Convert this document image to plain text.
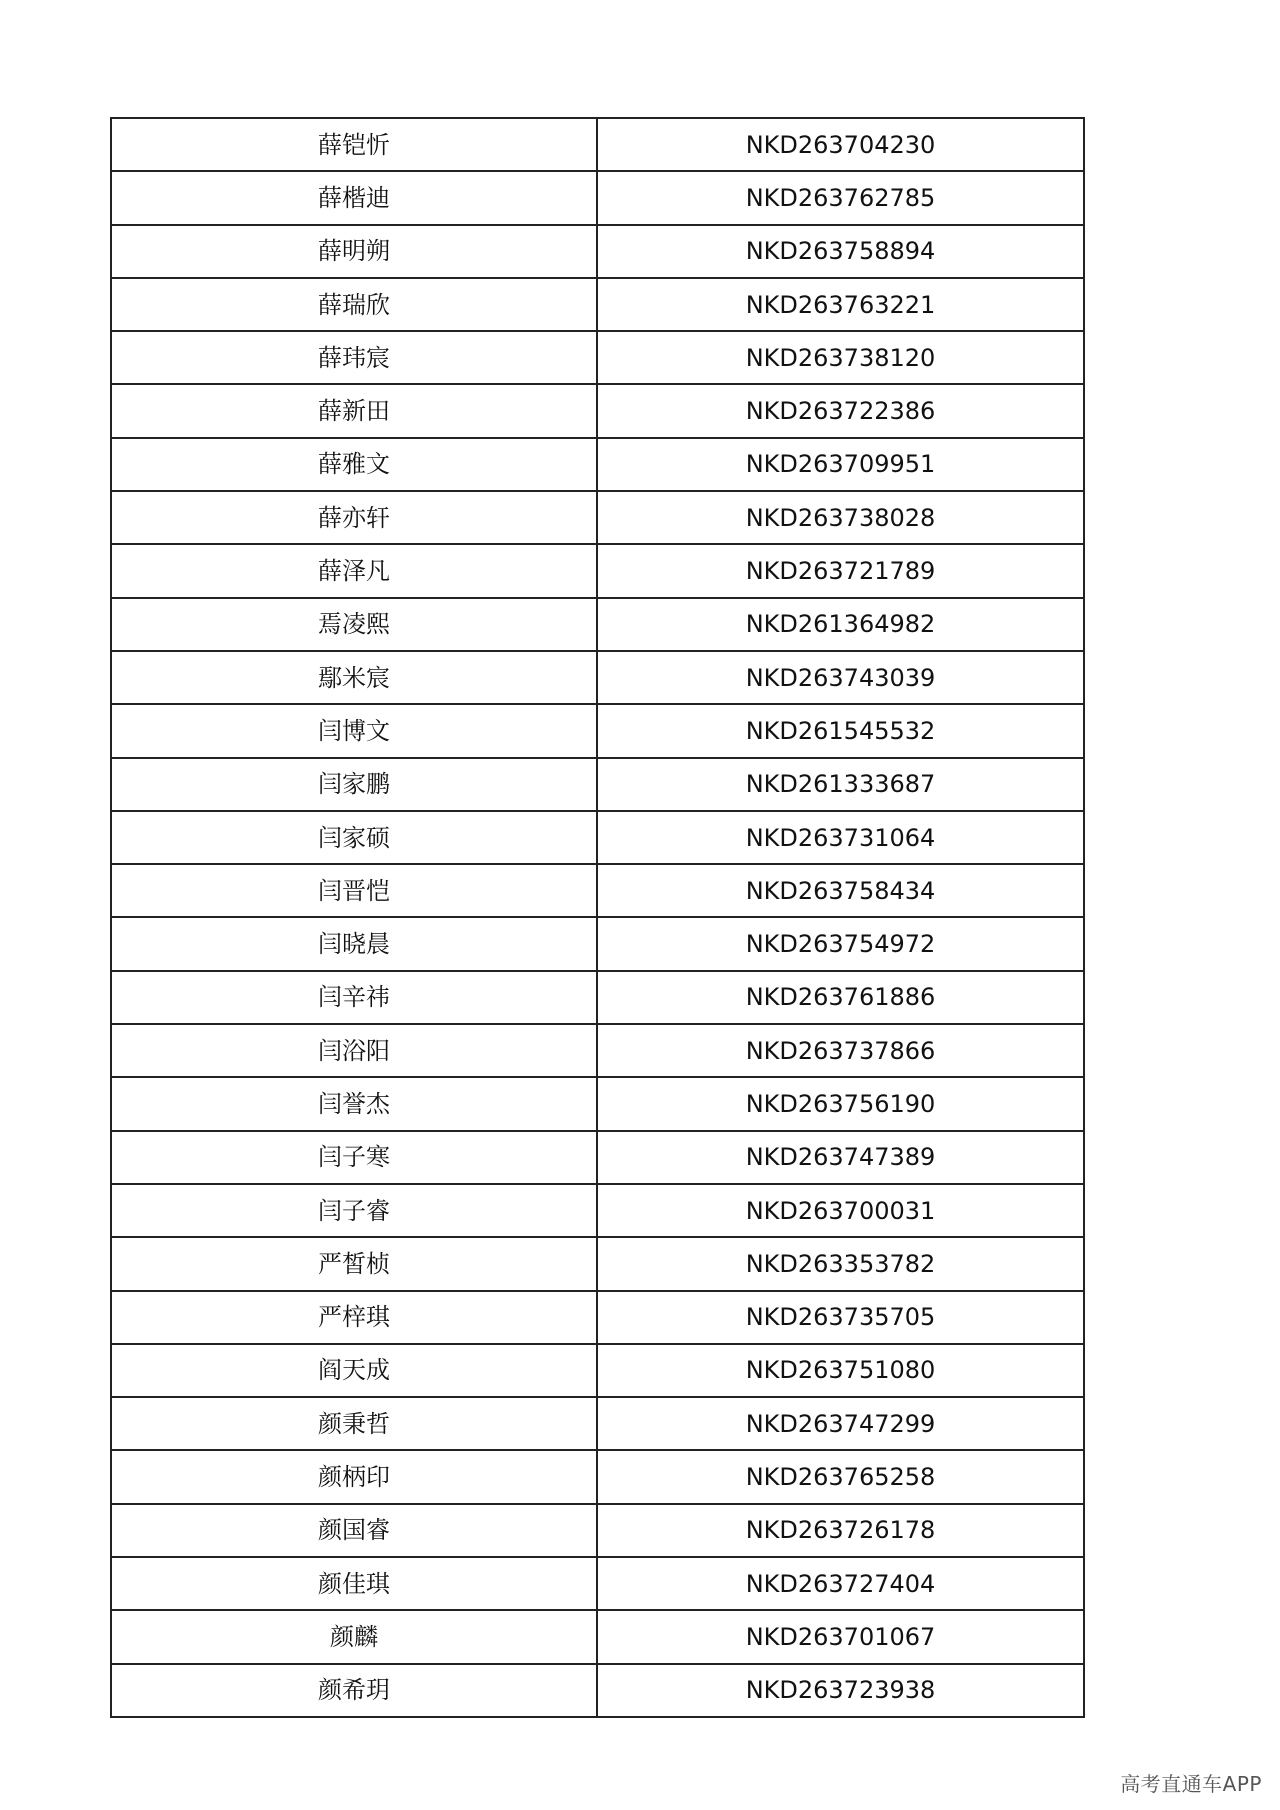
薛铠忻	NKD263704230
薛楷迪	NKD263762785
薛明朔	NKD263758894
薛瑞欣	NKD263763221
薛玮宸	NKD263738120
薛新田	NKD263722386
薛雅文	NKD263709951
薛亦轩	NKD263738028
薛泽凡	NKD263721789
焉凌熙	NKD261364982
鄢米宸	NKD263743039
闫博文	NKD261545532
闫家鹏	NKD261333687
闫家硕	NKD263731064
闫晋恺	NKD263758434
闫晓晨	NKD263754972
闫辛祎	NKD263761886
闫浴阳	NKD263737866
闫誉杰	NKD263756190
闫子寒	NKD263747389
闫子睿	NKD263700031
严皙桢	NKD263353782
严梓琪	NKD263735705
阎天成	NKD263751080
颜秉哲	NKD263747299
颜柄印	NKD263765258
颜国睿	NKD263726178
颜佳琪	NKD263727404
颜麟	NKD263701067
颜希玥	NKD263723938
高考直通车APP
